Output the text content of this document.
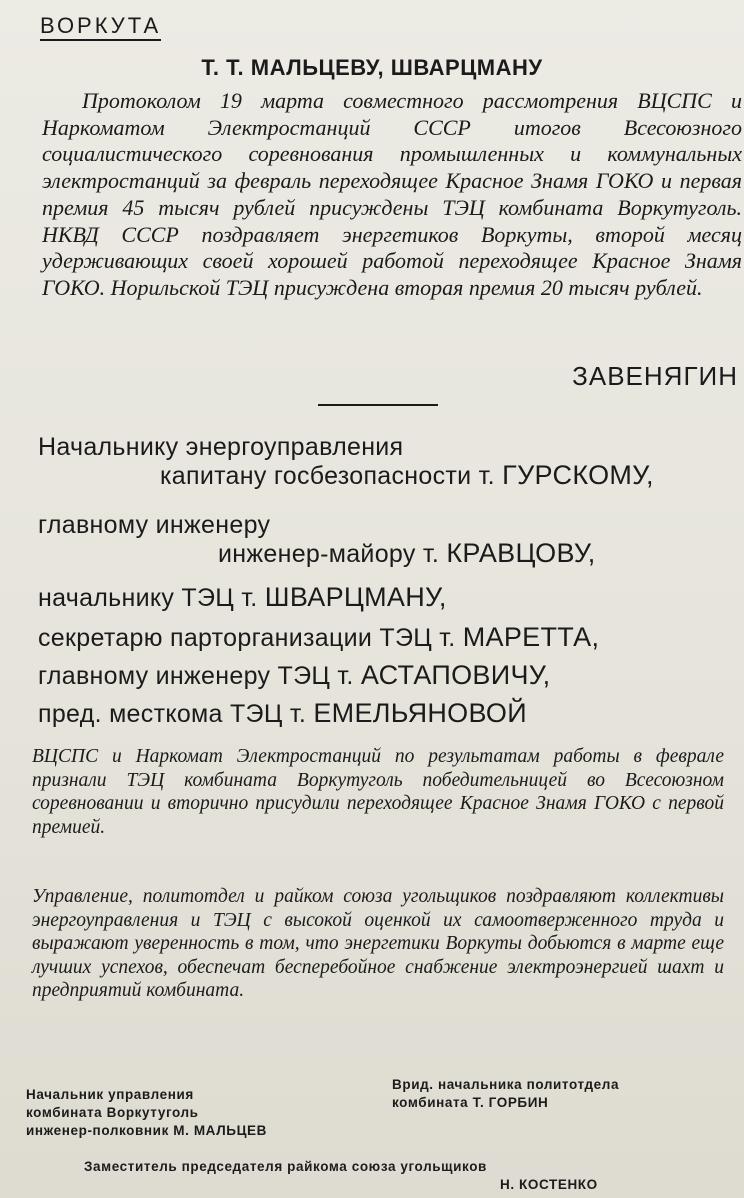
ВОРКУТА
Т. Т. МАЛЬЦЕВУ, ШВАРЦМАНУ

Протоколом 19 марта совместного рассмотрения ВЦСПС и Наркоматом Электростанций СССР итогов Всесоюзного социалистического соревнования промышленных и коммунальных электростанций за февраль переходящее Красное Знамя ГОКО и первая премия 45 тысяч рублей присуждены ТЭЦ комбината Воркутуголь. НКВД СССР поздравляет энергетиков Воркуты, второй месяц удерживающих своей хорошей работой переходящее Красное Знамя ГОКО. Норильской ТЭЦ присуждена вторая премия 20 тысяч рублей.

ЗАВЕНЯГИН

Начальнику энергоуправления

капитану госбезопасности т. ГУРСКОМУ,

главному инженеру

инженер-майору т. КРАВЦОВУ,

начальнику ТЭЦ т. ШВАРЦМАНУ,

секретарю парторганизации ТЭЦ т. МАРЕТТА,

главному инженеру ТЭЦ т. АСТАПОВИЧУ,

пред. месткома ТЭЦ т. ЕМЕЛЬЯНОВОЙ

ВЦСПС и Наркомат Электростанций по результатам работы в феврале признали ТЭЦ комбината Воркутуголь победительницей во Всесоюзном соревновании и вторично присудили переходящее Красное Знамя ГОКО с первой премией.

Управление, политотдел и райком союза угольщиков поздравляют коллективы энергоуправления и ТЭЦ с высокой оценкой их самоотверженного труда и выражают уверенность в том, что энергетики Воркуты добьются в марте еще лучших успехов, обеспечат бесперебойное снабжение электроэнергией шахт и предприятий комбината.

Начальник управления
комбината Воркутуголь
инженер-полковник М. МАЛЬЦЕВ

Врид. начальника политотдела
комбината Т. ГОРБИН

Заместитель председателя райкома союза угольщиков

Н. КОСТЕНКО
